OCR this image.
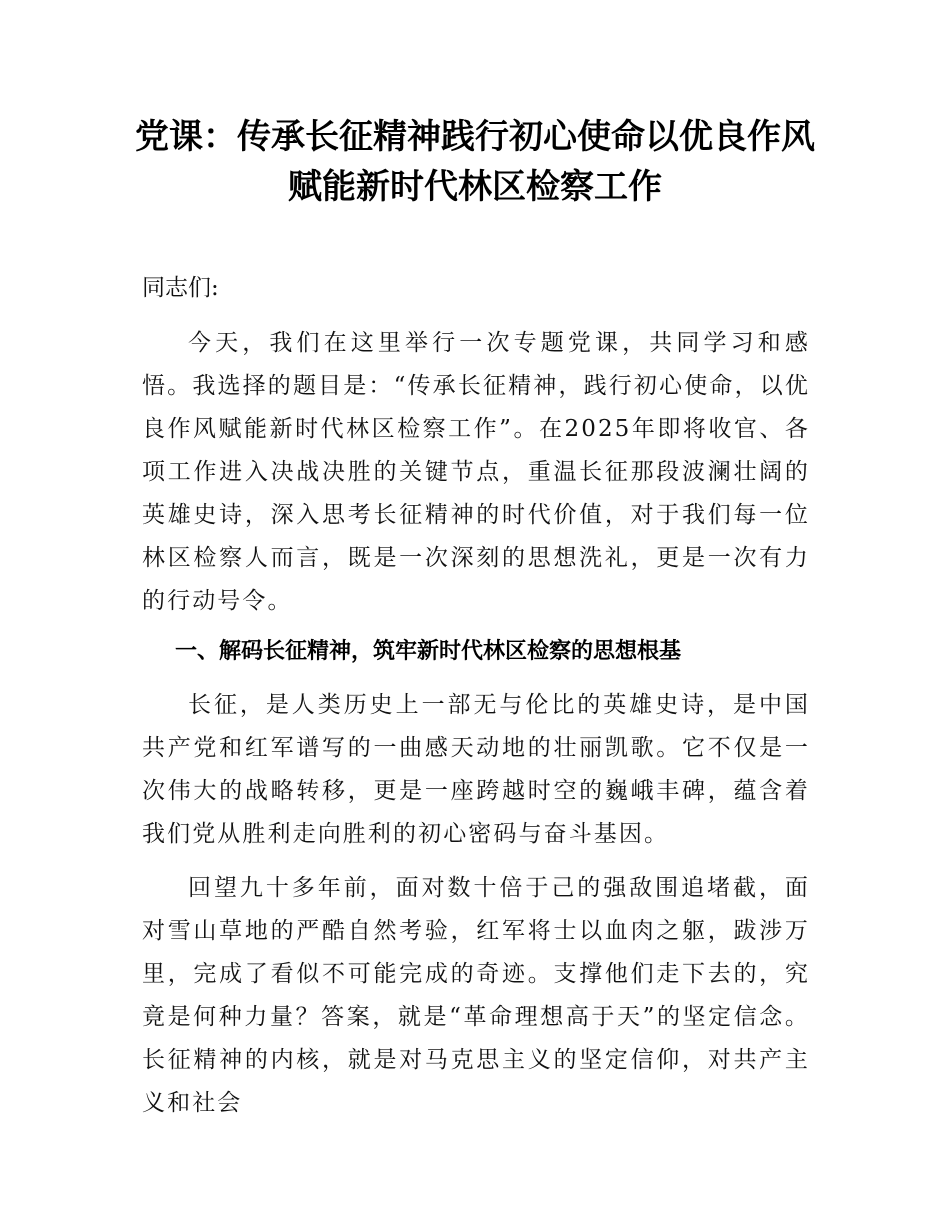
党课：传承长征精神践行初心使命以优良作风
赋能新时代林区检察工作

同志们:

今天，我们在这里举行一次专题党课，共同学习和感悟。我选择的题目是：“传承长征精神，践行初心使命，以优良作风赋能新时代林区检察工作”。在2025年即将收官、各项工作进入决战决胜的关键节点，重温长征那段波澜壮阔的英雄史诗，深入思考长征精神的时代价值，对于我们每一位林区检察人而言，既是一次深刻的思想洗礼，更是一次有力的行动号令。

一、解码长征精神，筑牢新时代林区检察的思想根基

长征，是人类历史上一部无与伦比的英雄史诗，是中国共产党和红军谱写的一曲感天动地的壮丽凯歌。它不仅是一次伟大的战略转移，更是一座跨越时空的巍峨丰碑，蕴含着我们党从胜利走向胜利的初心密码与奋斗基因。

回望九十多年前，面对数十倍于己的强敌围追堵截，面对雪山草地的严酷自然考验，红军将士以血肉之躯，跋涉万里，完成了看似不可能完成的奇迹。支撑他们走下去的，究竟是何种力量？答案，就是“革命理想高于天”的坚定信念。长征精神的内核，就是对马克思主义的坚定信仰，对共产主义和社会
